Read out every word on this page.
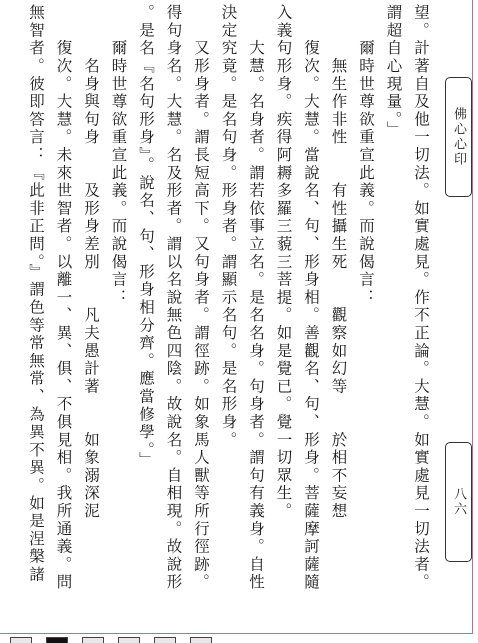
望。計著自及他一切法。如實處見。作不正論。大慧。如實處見一切法者。
謂超自心現量。」
　　爾時世尊欲重宣此義。而說偈言：
　　　無生作非性　　有性攝生死　　觀察如幻等　　於相不妄想
　　復次。大慧。當說名、句、形身相。善觀名、句、形身。菩薩摩訶薩隨
入義句形身。疾得阿耨多羅三藐三菩提。如是覺已。覺一切眾生。
　　大慧。名身者。謂若依事立名。是名名身。句身者。謂句有義身。自性
決定究竟。是名句身。形身者。謂顯示名句。是名形身。
　　又形身者。謂長短高下。又句身者。謂徑跡。如象馬人獸等所行徑跡。
得句身名。大慧。名及形者。謂以名說無色四陰。故說名。自相現。故說形
。是名『名句形身』。說名、句、形身相分齊。應當修學。」
　　爾時世尊欲重宣此義。而說偈言：
　　　名身與句身　　及形身差別　　凡夫愚計著　　如象溺深泥
　　復次。大慧。未來世智者。以離一、異、俱、不俱見相。我所通義。問
無智者。彼即答言：『此非正問。』謂色等常無常、為異不異。如是涅槃諸	佛心心印
八六
